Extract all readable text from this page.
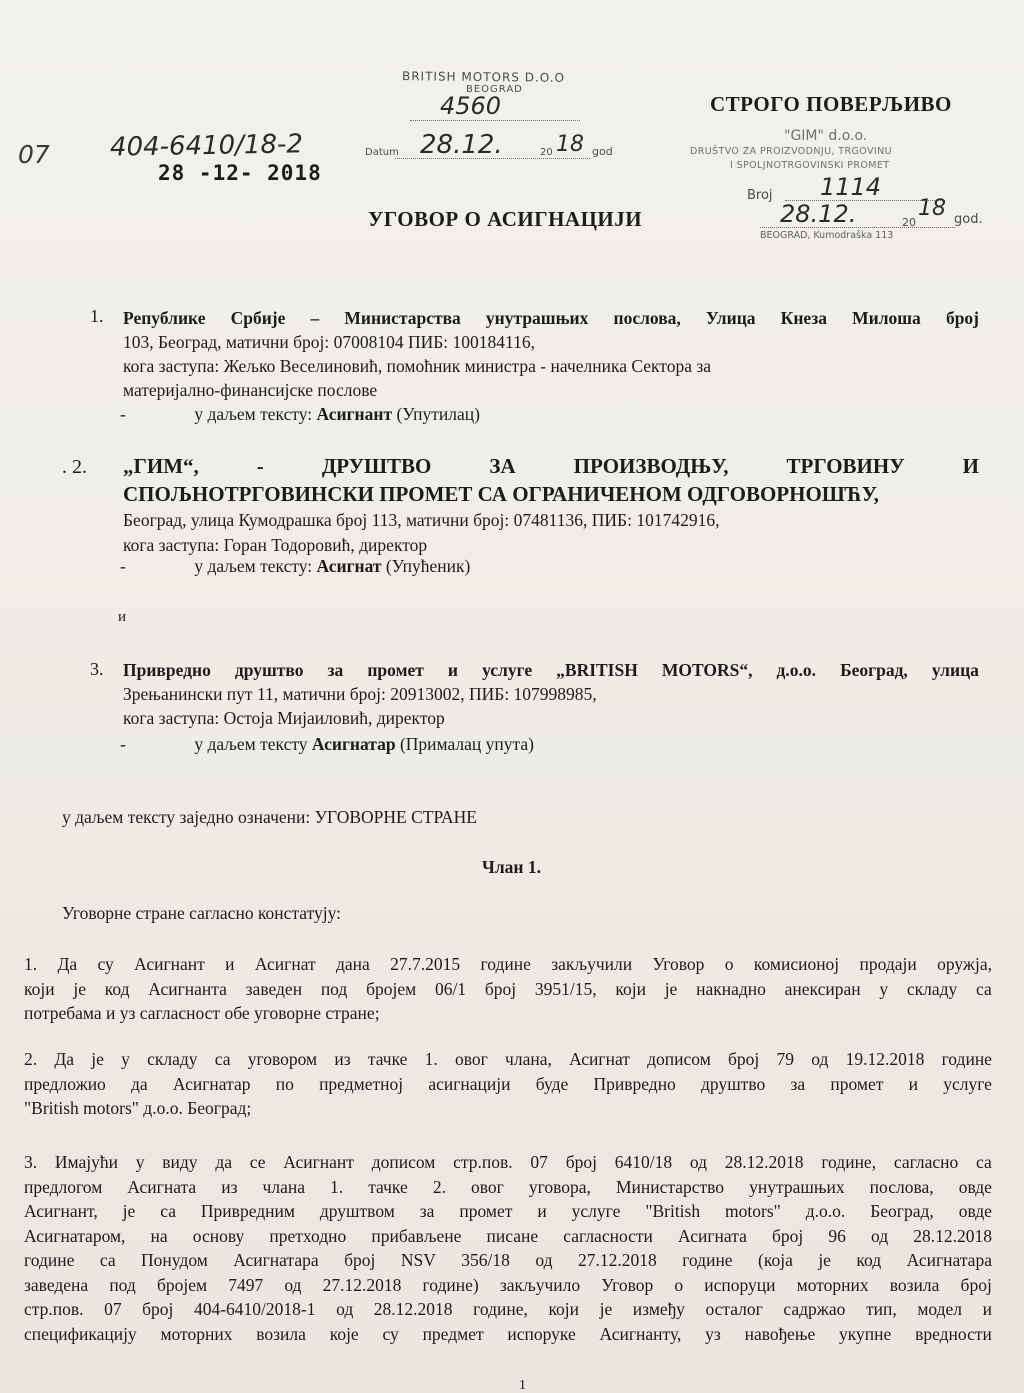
BRITISH MOTORS D.O.O
BEOGRAD
4560
07 404-6410/18-2	Datum 28.12.	20 18 god
28 -12- 2018
СТРОГО ПОВЕРЉИВО
"GIM" d.o.o.
DRUŠTVO ZA PROIZVODNJU, TRGOVINU
I SPOLJNOTRGOVINSKI PROMET
Broj 1114
28.12.	20
18 god.
BEOGRAD, Kumodraška 113
УГОВОР О АСИГНАЦИЈИ
1. Републике Србије – Министарства унутрашњих послова, Улица Кнеза Милоша број
103, Београд, матични број: 07008104 ПИБ: 100184116,
кога заступа: Жељко Веселиновић, помоћник министра - начелника Сектора за
материјално-финансијске послове
-	у даљем тексту: Асигнант (Упутилац)
. 2. „ГИМ“,	-	ДРУШТВО	ЗА	ПРОИЗВОДЊУ,	ТРГОВИНУ	И
СПОЉНОТРГОВИНСКИ ПРОМЕТ СА ОГРАНИЧЕНОМ ОДГОВОРНОШЋУ,
Београд, улица Кумодрашка број 113, матични број: 07481136, ПИБ: 101742916,
кога заступа: Горан Тодоровић, директор
-	у даљем тексту: Асигнат (Упућеник)
и
3. Привредно друштво за промет и услуге „BRITISH MOTORS“, д.о.о. Београд, улица
Зрењанински пут 11, матични број: 20913002, ПИБ: 107998985,
кога заступа: Остоја Мијаиловић, директор
-	у даљем тексту Асигнатар (Прималац упута)
у даљем тексту заједно означени: УГОВОРНЕ СТРАНЕ
Члан 1.
Уговорне стране сагласно констатују:
1. Да су Асигнант и Асигнат дана 27.7.2015 године закључили Уговор о комисионој продаји оружја,
који је код Асигнанта заведен под бројем 06/1 број 3951/15, који је накнадно анексиран у складу са
потребама и уз сагласност обе уговорне стране;
2. Да је у складу са уговором из тачке 1. овог члана, Асигнат дописом број 79 од 19.12.2018 године
предложио да Асигнатар по предметној асигнацији буде Привредно друштво за промет и услуге
"British motors" д.о.о. Београд;
3. Имајући у виду да се Асигнант дописом стр.пов. 07 број 6410/18 од 28.12.2018 године, сагласно са
предлогом Асигната из члана 1. тачке 2. овог уговора, Министарство унутрашњих послова, овде
Асигнант, је са Привредним друштвом за промет и услуге "British motors" д.о.о. Београд, овде
Асигнатаром, на основу претходно прибављене писане сагласности Асигната број 96 од 28.12.2018
године са Понудом Асигнатара број NSV 356/18 од 27.12.2018 године (која је код Асигнатара
заведена под бројем 7497 од 27.12.2018 године) закључило Уговор о испоруци моторних возила број
стр.пов. 07 број 404-6410/2018-1 од 28.12.2018 године, који је између осталог садржао тип, модел и
спецификацију моторних возила које су предмет испоруке Асигнанту, уз навођење укупне вредности
1
